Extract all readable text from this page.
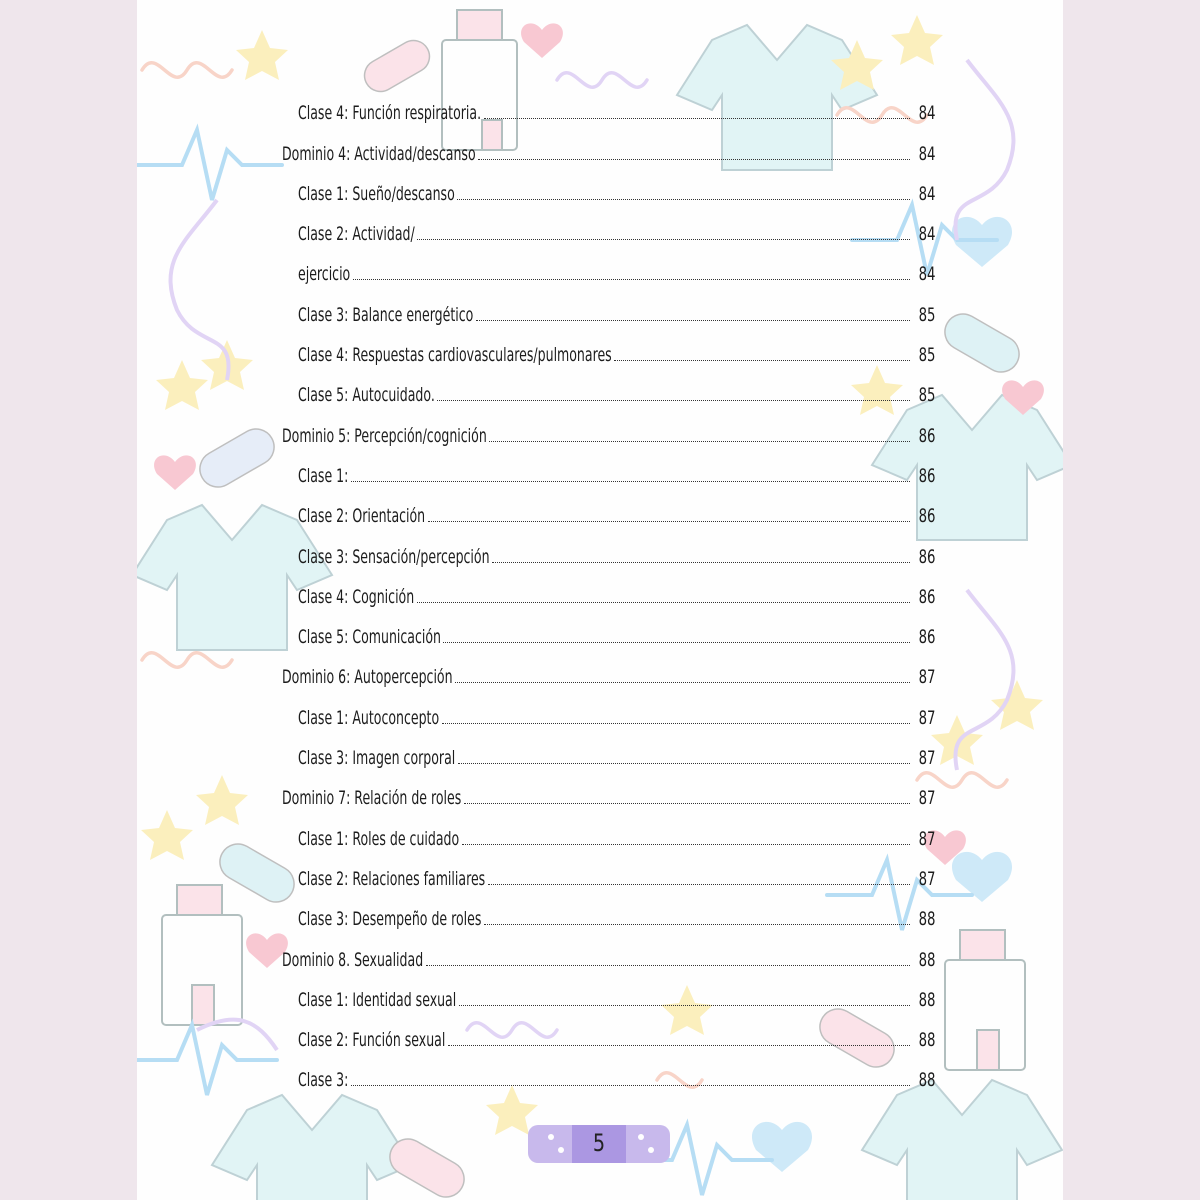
Clase 4: Función respiratoria.	84
Dominio 4: Actividad/descanso	84
Clase 1: Sueño/descanso	84
Clase 2: Actividad/	84
ejercicio	84
Clase 3: Balance energético	85
Clase 4: Respuestas cardiovasculares/pulmonares	85
Clase 5: Autocuidado.	85
Dominio 5: Percepción/cognición	86
Clase 1:	86
Clase 2: Orientación	86
Clase 3: Sensación/percepción	86
Clase 4: Cognición	86
Clase 5: Comunicación	86
Dominio 6: Autopercepción	87
Clase 1: Autoconcepto	87
Clase 3: Imagen corporal	87
Dominio 7: Relación de roles	87
Clase 1: Roles de cuidado	87
Clase 2: Relaciones familiares	87
Clase 3: Desempeño de roles	88
Dominio 8. Sexualidad	88
Clase 1: Identidad sexual	88
Clase 2: Función sexual	88
Clase 3:	88
5
